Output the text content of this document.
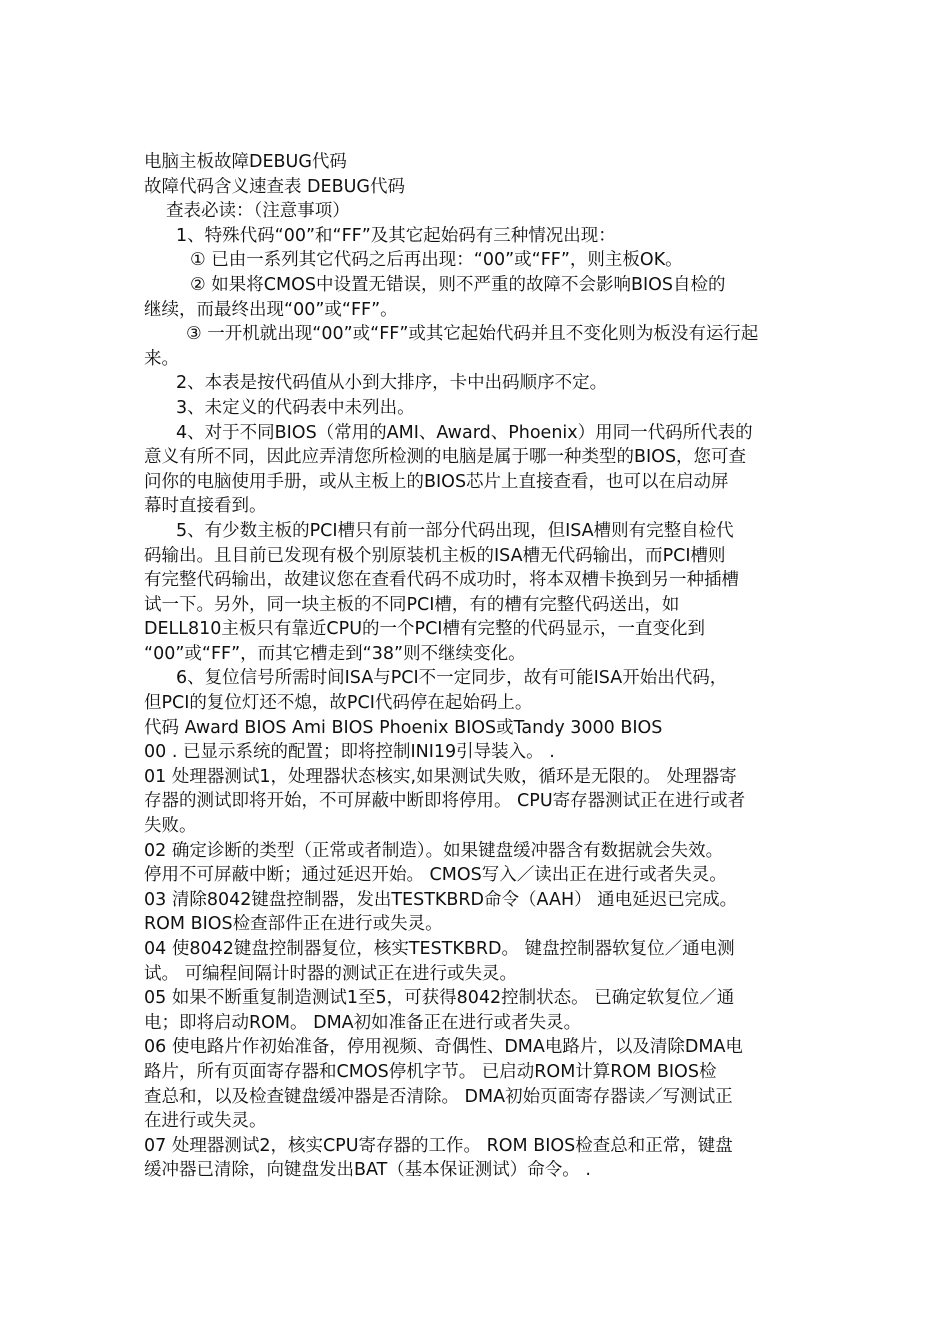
电脑主板故障DEBUG代码
故障代码含义速查表 DEBUG代码
查表必读：（注意事项）
1、特殊代码“00”和“FF”及其它起始码有三种情况出现：
① 已由一系列其它代码之后再出现：“00”或“FF”，则主板OK。
② 如果将CMOS中设置无错误，则不严重的故障不会影响BIOS自检的
继续，而最终出现“00”或“FF”。
③ 一开机就出现“00”或“FF”或其它起始代码并且不变化则为板没有运行起
来。
2、本表是按代码值从小到大排序，卡中出码顺序不定。
3、未定义的代码表中未列出。
4、对于不同BIOS（常用的AMI、Award、Phoenix）用同一代码所代表的
意义有所不同，因此应弄清您所检测的电脑是属于哪一种类型的BIOS，您可查
问你的电脑使用手册，或从主板上的BIOS芯片上直接查看，也可以在启动屏
幕时直接看到。
5、有少数主板的PCI槽只有前一部分代码出现，但ISA槽则有完整自检代
码输出。且目前已发现有极个别原装机主板的ISA槽无代码输出，而PCI槽则
有完整代码输出，故建议您在查看代码不成功时，将本双槽卡换到另一种插槽
试一下。另外，同一块主板的不同PCI槽，有的槽有完整代码送出，如
DELL810主板只有靠近CPU的一个PCI槽有完整的代码显示，一直变化到
“00”或“FF”，而其它槽走到“38”则不继续变化。
6、复位信号所需时间ISA与PCI不一定同步，故有可能ISA开始出代码，
但PCI的复位灯还不熄，故PCI代码停在起始码上。
代码 Award BIOS Ami BIOS Phoenix BIOS或Tandy 3000 BIOS
00 . 已显示系统的配置；即将控制INI19引导装入。 .
01 处理器测试1，处理器状态核实,如果测试失败，循环是无限的。 处理器寄
存器的测试即将开始，不可屏蔽中断即将停用。 CPU寄存器测试正在进行或者
失败。
02 确定诊断的类型（正常或者制造）。如果键盘缓冲器含有数据就会失效。
停用不可屏蔽中断；通过延迟开始。 CMOS写入／读出正在进行或者失灵。
03 清除8042键盘控制器，发出TESTKBRD命令（AAH） 通电延迟已完成。
ROM BIOS检查部件正在进行或失灵。
04 使8042键盘控制器复位，核实TESTKBRD。 键盘控制器软复位／通电测
试。 可编程间隔计时器的测试正在进行或失灵。
05 如果不断重复制造测试1至5，可获得8042控制状态。 已确定软复位／通
电；即将启动ROM。 DMA初如准备正在进行或者失灵。
06 使电路片作初始准备，停用视频、奇偶性、DMA电路片，以及清除DMA电
路片，所有页面寄存器和CMOS停机字节。 已启动ROM计算ROM BIOS检
查总和，以及检查键盘缓冲器是否清除。 DMA初始页面寄存器读／写测试正
在进行或失灵。
07 处理器测试2，核实CPU寄存器的工作。 ROM BIOS检查总和正常，键盘
缓冲器已清除，向键盘发出BAT（基本保证测试）命令。 .
